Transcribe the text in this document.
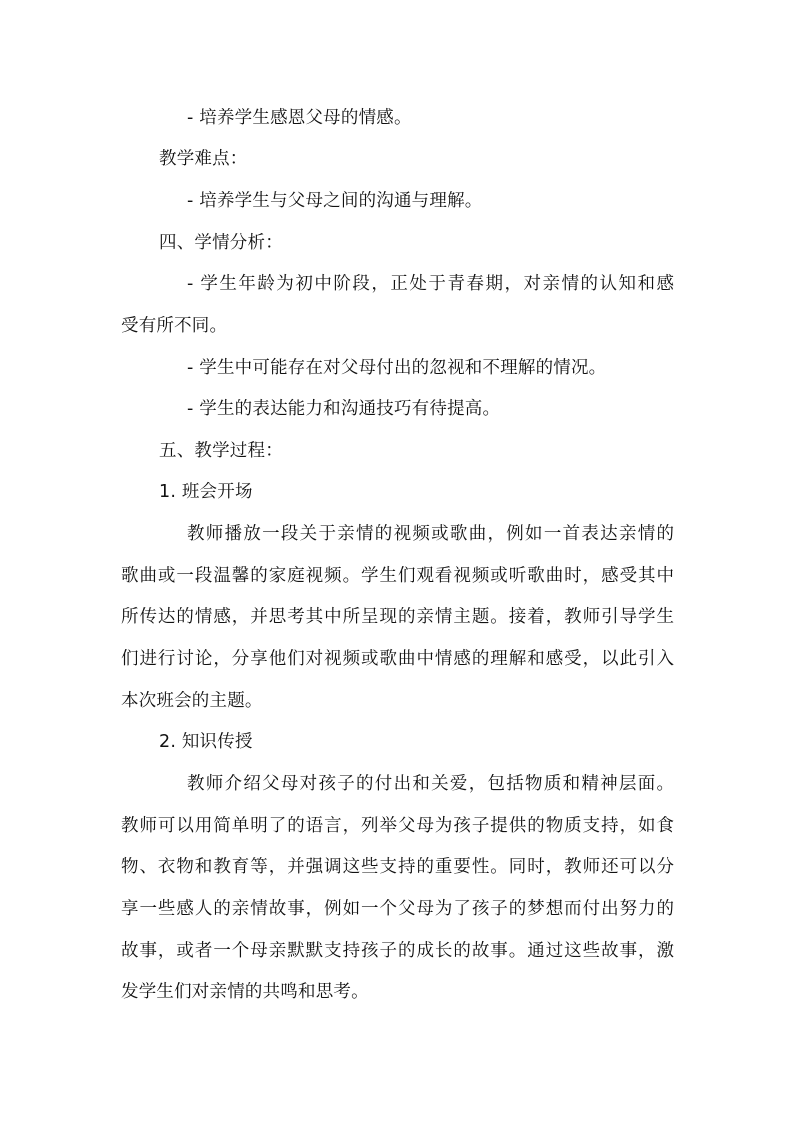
- 培养学生感恩父母的情感。
教学难点：
- 培养学生与父母之间的沟通与理解。
四、学情分析：
- 学生年龄为初中阶段，正处于青春期，对亲情的认知和感
受有所不同。
- 学生中可能存在对父母付出的忽视和不理解的情况。
- 学生的表达能力和沟通技巧有待提高。
五、教学过程：
1. 班会开场
教师播放一段关于亲情的视频或歌曲，例如一首表达亲情的
歌曲或一段温馨的家庭视频。学生们观看视频或听歌曲时，感受其中
所传达的情感，并思考其中所呈现的亲情主题。接着，教师引导学生
们进行讨论，分享他们对视频或歌曲中情感的理解和感受，以此引入
本次班会的主题。
2. 知识传授
教师介绍父母对孩子的付出和关爱，包括物质和精神层面。
教师可以用简单明了的语言，列举父母为孩子提供的物质支持，如食
物、衣物和教育等，并强调这些支持的重要性。同时，教师还可以分
享一些感人的亲情故事，例如一个父母为了孩子的梦想而付出努力的
故事，或者一个母亲默默支持孩子的成长的故事。通过这些故事，激
发学生们对亲情的共鸣和思考。
